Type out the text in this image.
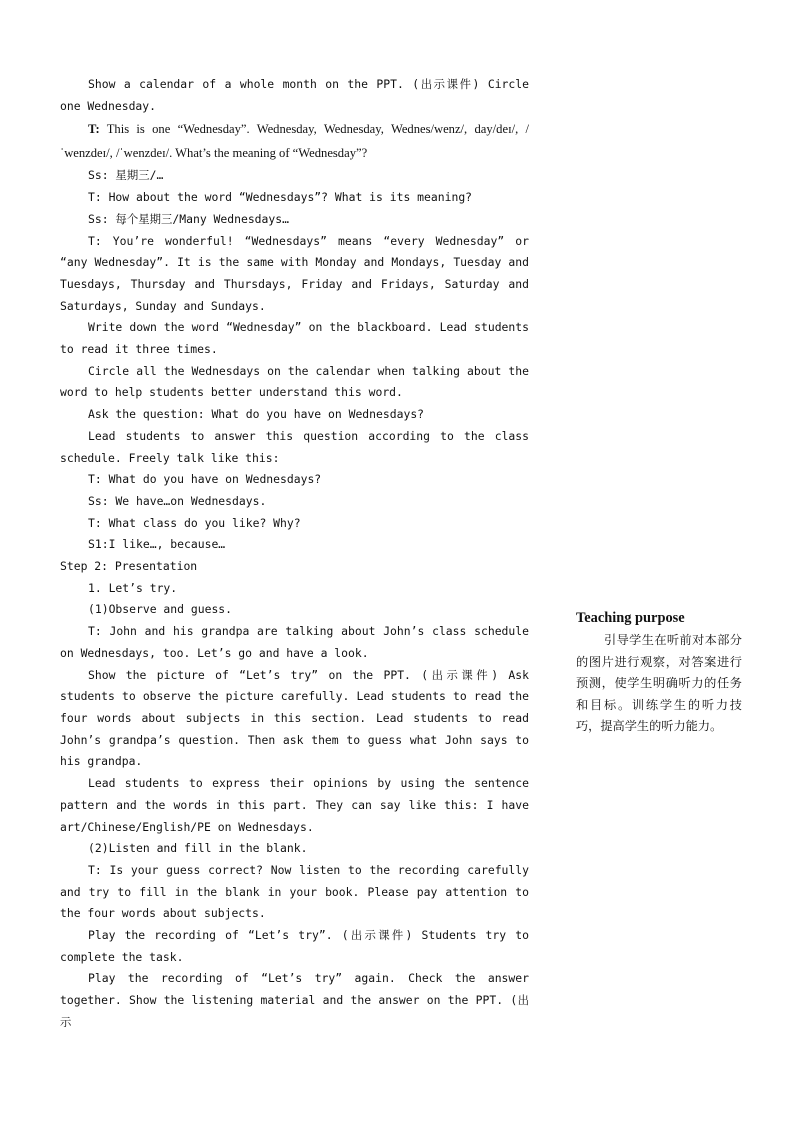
Show a calendar of a whole month on the PPT. (出示课件) Circle one Wednesday.

T: This is one “Wednesday”. Wednesday, Wednesday, Wednes/wenz/, day/deɪ/, /ˈwenzdeɪ/, /ˈwenzdeɪ/. What’s the meaning of “Wednesday”?

Ss: 星期三/…

T: How about the word “Wednesdays”? What is its meaning?

Ss: 每个星期三/Many Wednesdays…

T: You’re wonderful! “Wednesdays” means “every Wednesday” or “any Wednesday”. It is the same with Monday and Mondays, Tuesday and Tuesdays, Thursday and Thursdays, Friday and Fridays, Saturday and Saturdays, Sunday and Sundays.

Write down the word “Wednesday” on the blackboard. Lead students to read it three times.

Circle all the Wednesdays on the calendar when talking about the word to help students better understand this word.

Ask the question: What do you have on Wednesdays?

Lead students to answer this question according to the class schedule. Freely talk like this:

T: What do you have on Wednesdays?

Ss: We have…on Wednesdays.

T: What class do you like? Why?

S1:I like…, because…

Step 2: Presentation

1. Let’s try.

(1)Observe and guess.

T: John and his grandpa are talking about John’s class schedule on Wednesdays, too. Let’s go and have a look.

Show the picture of “Let’s try” on the PPT. (出示课件) Ask students to observe the picture carefully. Lead students to read the four words about subjects in this section. Lead students to read John’s grandpa’s question. Then ask them to guess what John says to his grandpa.

Lead students to express their opinions by using the sentence pattern and the words in this part. They can say like this: I have art/Chinese/English/PE on Wednesdays.

(2)Listen and fill in the blank.

T: Is your guess correct? Now listen to the recording carefully and try to fill in the blank in your book. Please pay attention to the four words about subjects.

Play the recording of “Let’s try”. (出示课件) Students try to complete the task.

Play the recording of “Let’s try” again. Check the answer together. Show the listening material and the answer on the PPT. (出示

Teaching purpose

引导学生在听前对本部分的图片进行观察，对答案进行预测，使学生明确听力的任务和目标。训练学生的听力技巧，提高学生的听力能力。
